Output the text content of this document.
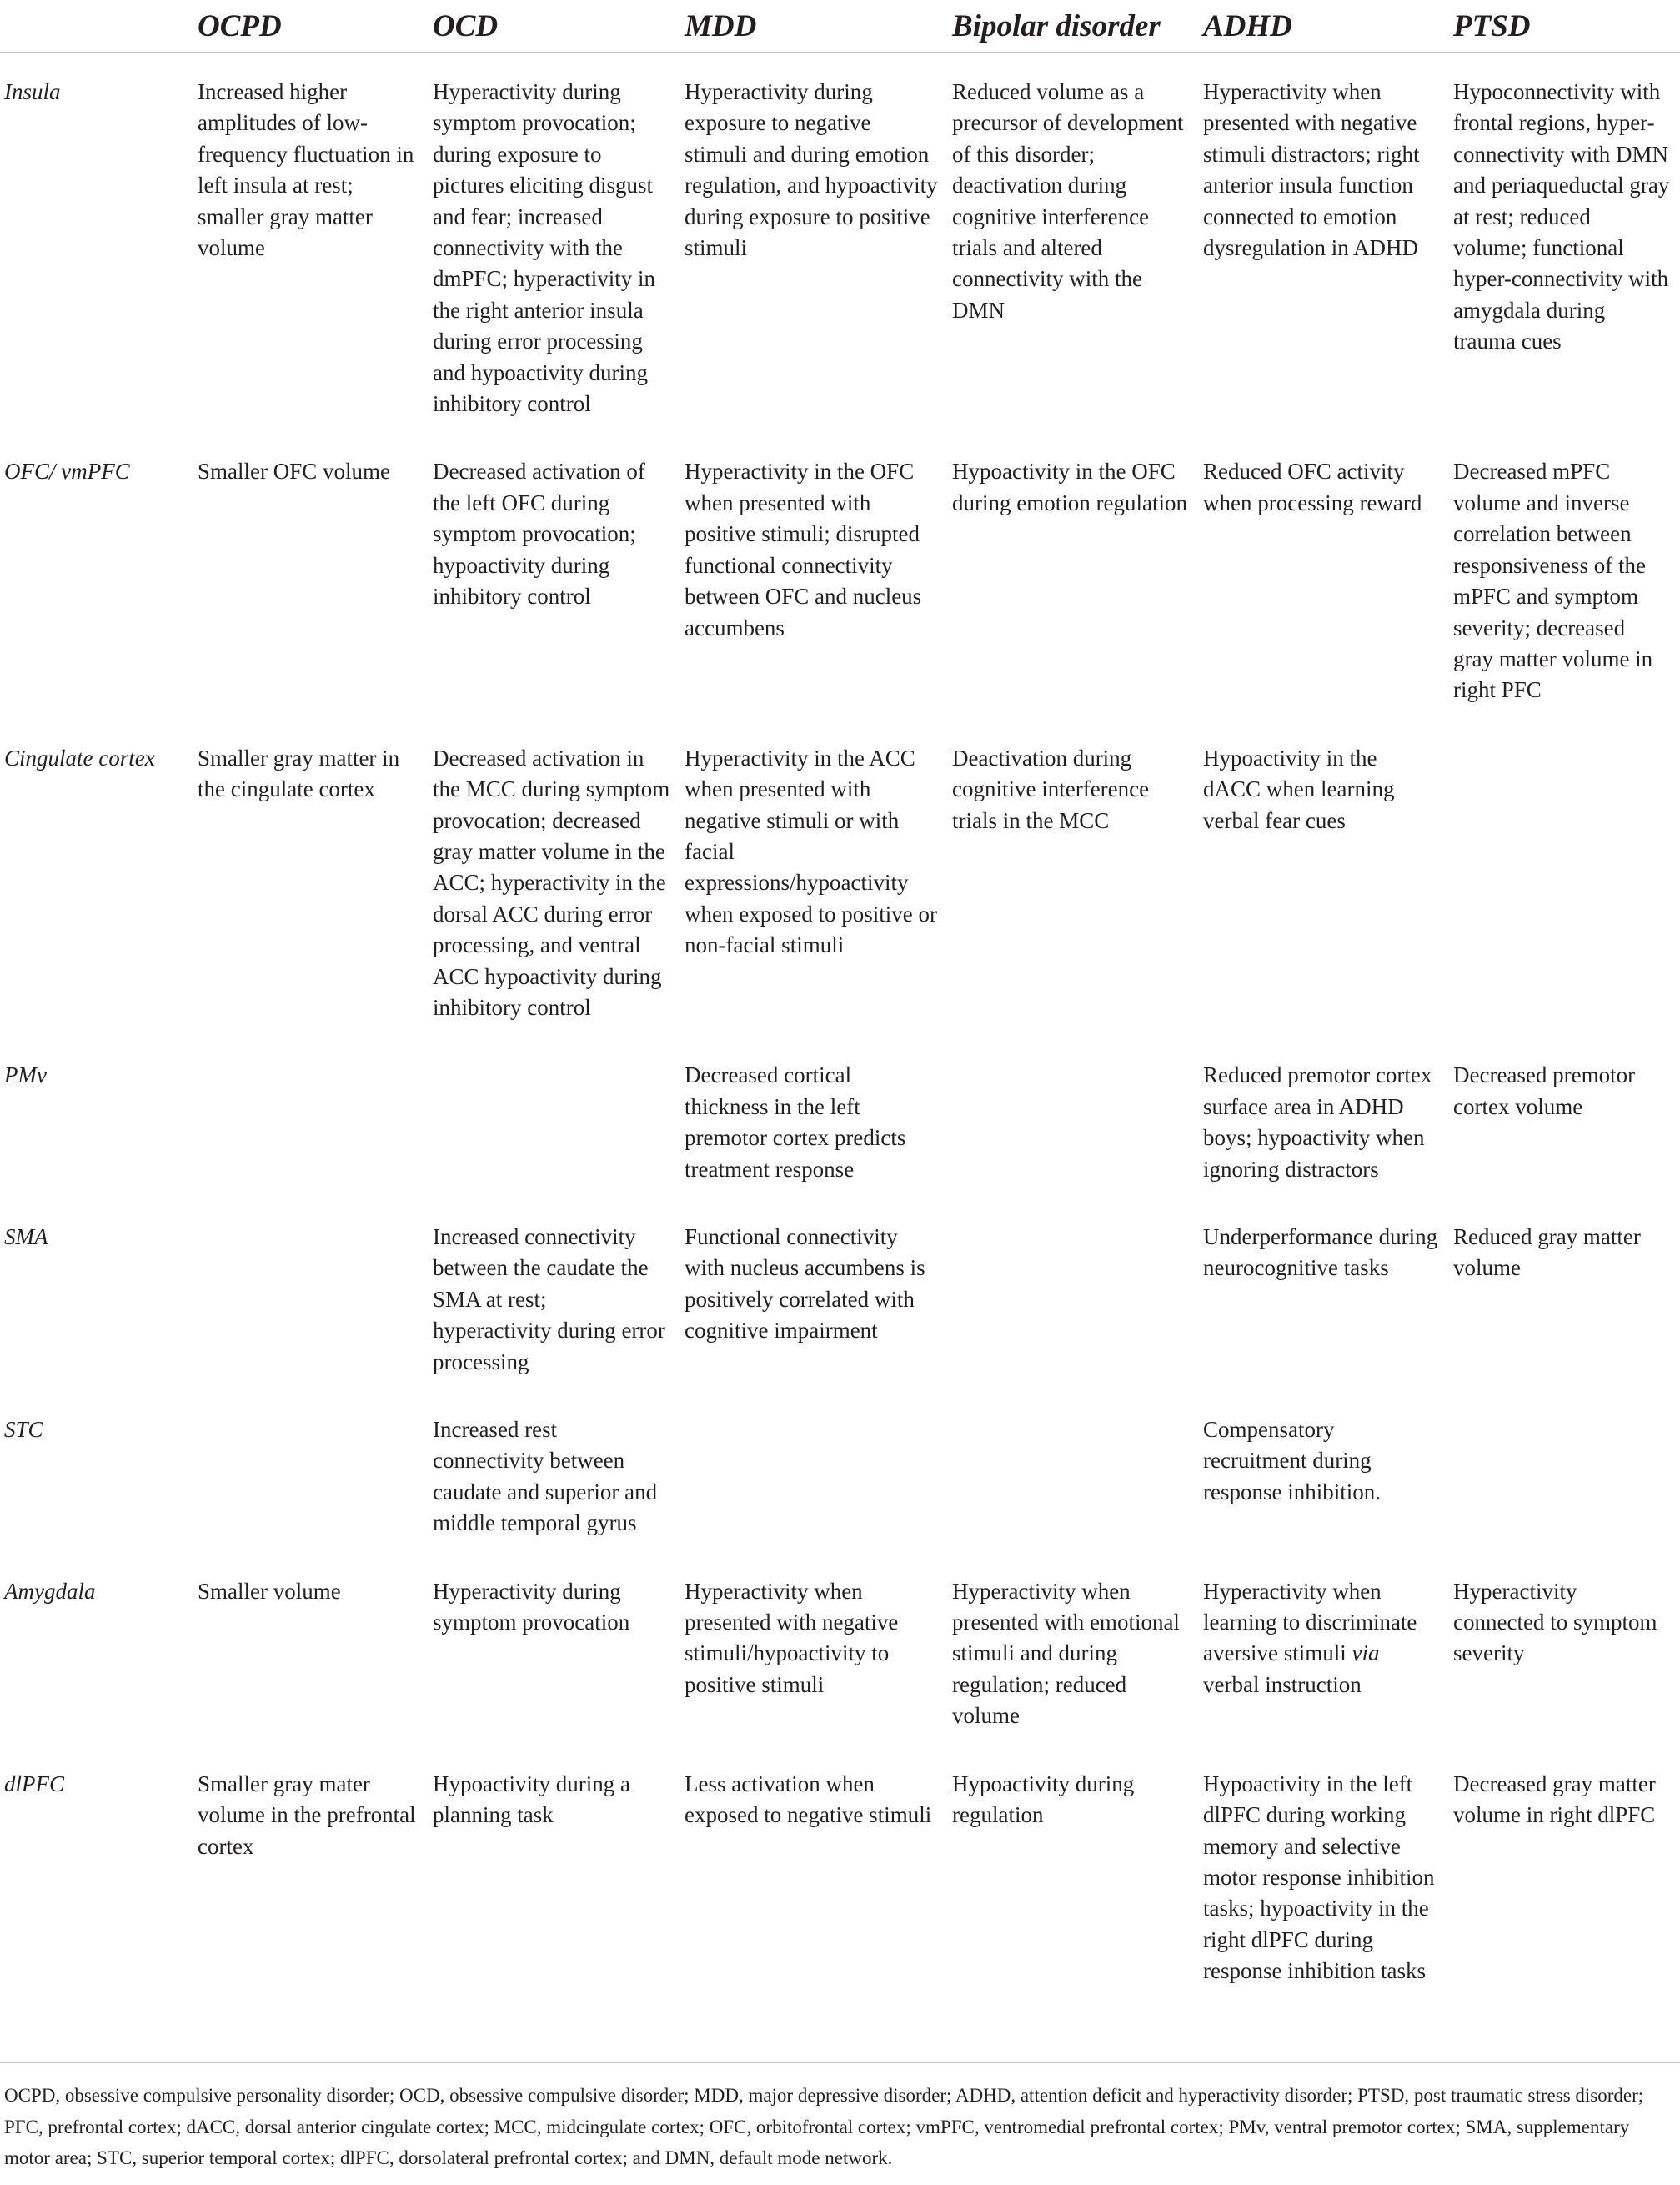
	OCPD	OCD	MDD	Bipolar disorder	ADHD	PTSD
Insula	Increased higher amplitudes of low-frequency fluctuation in left insula at rest; smaller gray matter volume	Hyperactivity during symptom provocation; during exposure to pictures eliciting disgust and fear; increased connectivity with the dmPFC; hyperactivity in the right anterior insula during error processing and hypoactivity during inhibitory control	Hyperactivity during exposure to negative stimuli and during emotion regulation, and hypoactivity during exposure to positive stimuli	Reduced volume as a precursor of development of this disorder; deactivation during cognitive interference trials and altered connectivity with the DMN	Hyperactivity when presented with negative stimuli distractors; right anterior insula function connected to emotion dysregulation in ADHD	Hypoconnectivity with frontal regions, hyper-connectivity with DMN and periaqueductal gray at rest; reduced volume; functional hyper-connectivity with amygdala during trauma cues
OFC/ vmPFC	Smaller OFC volume	Decreased activation of the left OFC during symptom provocation; hypoactivity during inhibitory control	Hyperactivity in the OFC when presented with positive stimuli; disrupted functional connectivity between OFC and nucleus accumbens	Hypoactivity in the OFC during emotion regulation	Reduced OFC activity when processing reward	Decreased mPFC volume and inverse correlation between responsiveness of the mPFC and symptom severity; decreased gray matter volume in right PFC
Cingulate cortex	Smaller gray matter in the cingulate cortex	Decreased activation in the MCC during symptom provocation; decreased gray matter volume in the ACC; hyperactivity in the dorsal ACC during error processing, and ventral ACC hypoactivity during inhibitory control	Hyperactivity in the ACC when presented with negative stimuli or with facial expressions/hypoactivity when exposed to positive or non-facial stimuli	Deactivation during cognitive interference trials in the MCC	Hypoactivity in the dACC when learning verbal fear cues	
PMv			Decreased cortical thickness in the left premotor cortex predicts treatment response		Reduced premotor cortex surface area in ADHD boys; hypoactivity when ignoring distractors	Decreased premotor cortex volume
SMA		Increased connectivity between the caudate the SMA at rest; hyperactivity during error processing	Functional connectivity with nucleus accumbens is positively correlated with cognitive impairment		Underperformance during neurocognitive tasks	Reduced gray matter volume
STC		Increased rest connectivity between caudate and superior and middle temporal gyrus			Compensatory recruitment during response inhibition.	
Amygdala	Smaller volume	Hyperactivity during symptom provocation	Hyperactivity when presented with negative stimuli/hypoactivity to positive stimuli	Hyperactivity when presented with emotional stimuli and during regulation; reduced volume	Hyperactivity when learning to discriminate aversive stimuli via verbal instruction	Hyperactivity connected to symptom severity
dlPFC	Smaller gray mater volume in the prefrontal cortex	Hypoactivity during a planning task	Less activation when exposed to negative stimuli	Hypoactivity during regulation	Hypoactivity in the left dlPFC during working memory and selective motor response inhibition tasks; hypoactivity in the right dlPFC during response inhibition tasks	Decreased gray matter volume in right dlPFC
OCPD, obsessive compulsive personality disorder; OCD, obsessive compulsive disorder; MDD, major depressive disorder; ADHD, attention deficit and hyperactivity disorder; PTSD, post traumatic stress disorder; PFC, prefrontal cortex; dACC, dorsal anterior cingulate cortex; MCC, midcingulate cortex; OFC, orbitofrontal cortex; vmPFC, ventromedial prefrontal cortex; PMv, ventral premotor cortex; SMA, supplementary motor area; STC, superior temporal cortex; dlPFC, dorsolateral prefrontal cortex; and DMN, default mode network.
